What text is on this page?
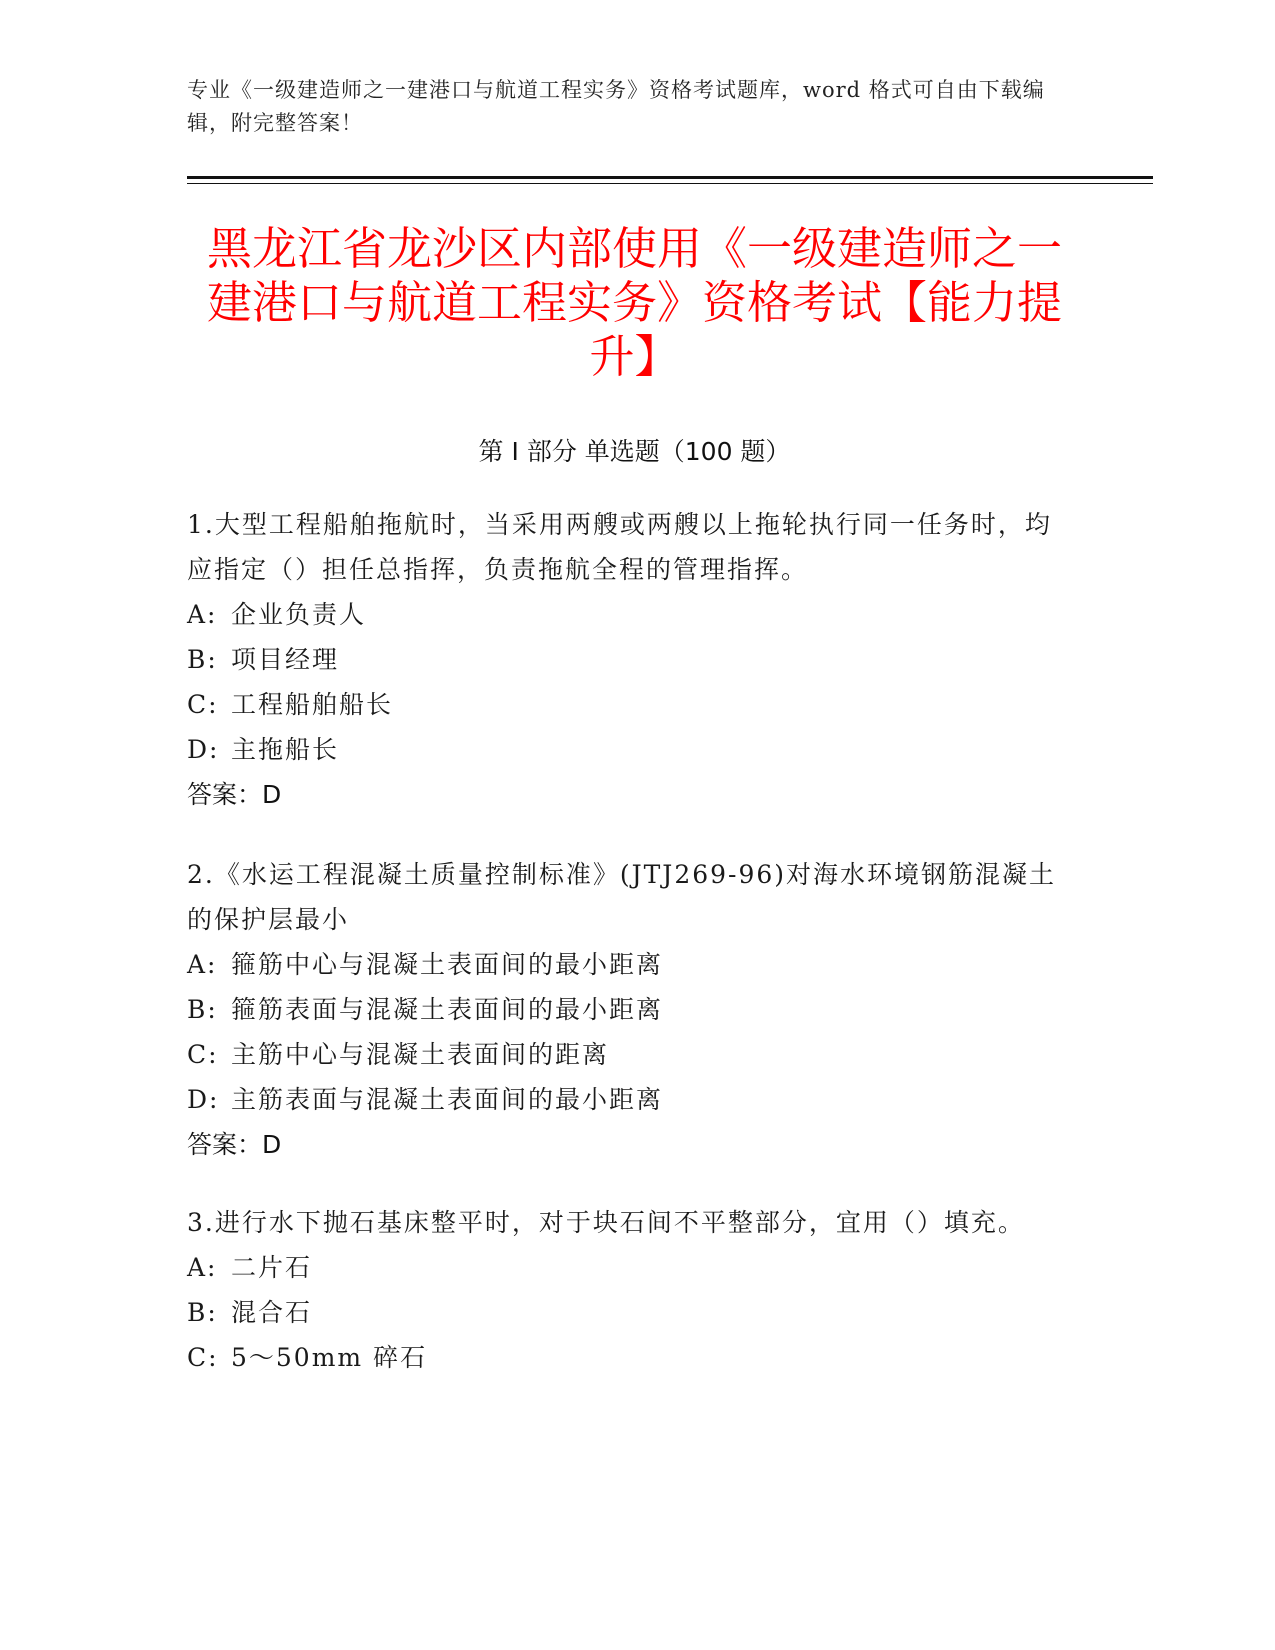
专业《一级建造师之一建港口与航道工程实务》资格考试题库，word 格式可自由下载编辑，附完整答案！
黑龙江省龙沙区内部使用《一级建造师之一建港口与航道工程实务》资格考试【能力提升】
第 I 部分 单选题（100 题）
1.大型工程船舶拖航时，当采用两艘或两艘以上拖轮执行同一任务时，均应指定（）担任总指挥，负责拖航全程的管理指挥。
A: 企业负责人
B: 项目经理
C: 工程船舶船长
D: 主拖船长
答案：D
2.《水运工程混凝土质量控制标准》(JTJ269-96)对海水环境钢筋混凝土的保护层最小
A: 箍筋中心与混凝土表面间的最小距离
B: 箍筋表面与混凝土表面间的最小距离
C: 主筋中心与混凝土表面间的距离
D: 主筋表面与混凝土表面间的最小距离
答案：D
3.进行水下抛石基床整平时，对于块石间不平整部分，宜用（）填充。
A: 二片石
B: 混合石
C: 5～50mm 碎石
